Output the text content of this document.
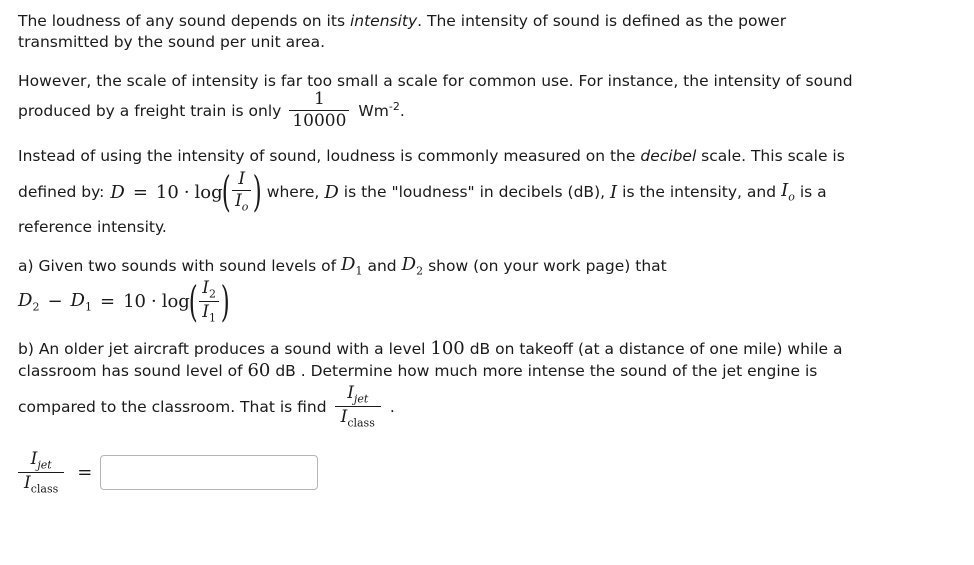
The loudness of any sound depends on its intensity. The intensity of sound is defined as the power transmitted by the sound per unit area.

However, the scale of intensity is far too small a scale for common use. For instance, the intensity of sound

produced by a freight train is only $\frac{1}{10000} Wm^{-2}$.

Instead of using the intensity of sound, loudness is commonly measured on the decibel scale. This scale is

defined by: D = 10 · log
( $\frac{I}{I_o}$ ) where, D is the "loudness" in decibels (dB), I is the intensity, and $I_o$ is a

reference intensity.

a) Given two sounds with sound levels of $D_1$ and $D_2$ show (on your work page) that
$D_2 - D_1 = 10 \cdot \log$
( $\frac{I_2}{I_1}$ )
b) An older jet aircraft produces a sound with a level 100 dB on takeoff (at a distance of one mile) while a classroom has sound level of 60 dB . Determine how much more intense the sound of the jet engine is
compared to the classroom. That is find $\frac{I_{jet}}{I_{class}}$ .
$\frac{I_{jet}}{I_{class}}$ =
